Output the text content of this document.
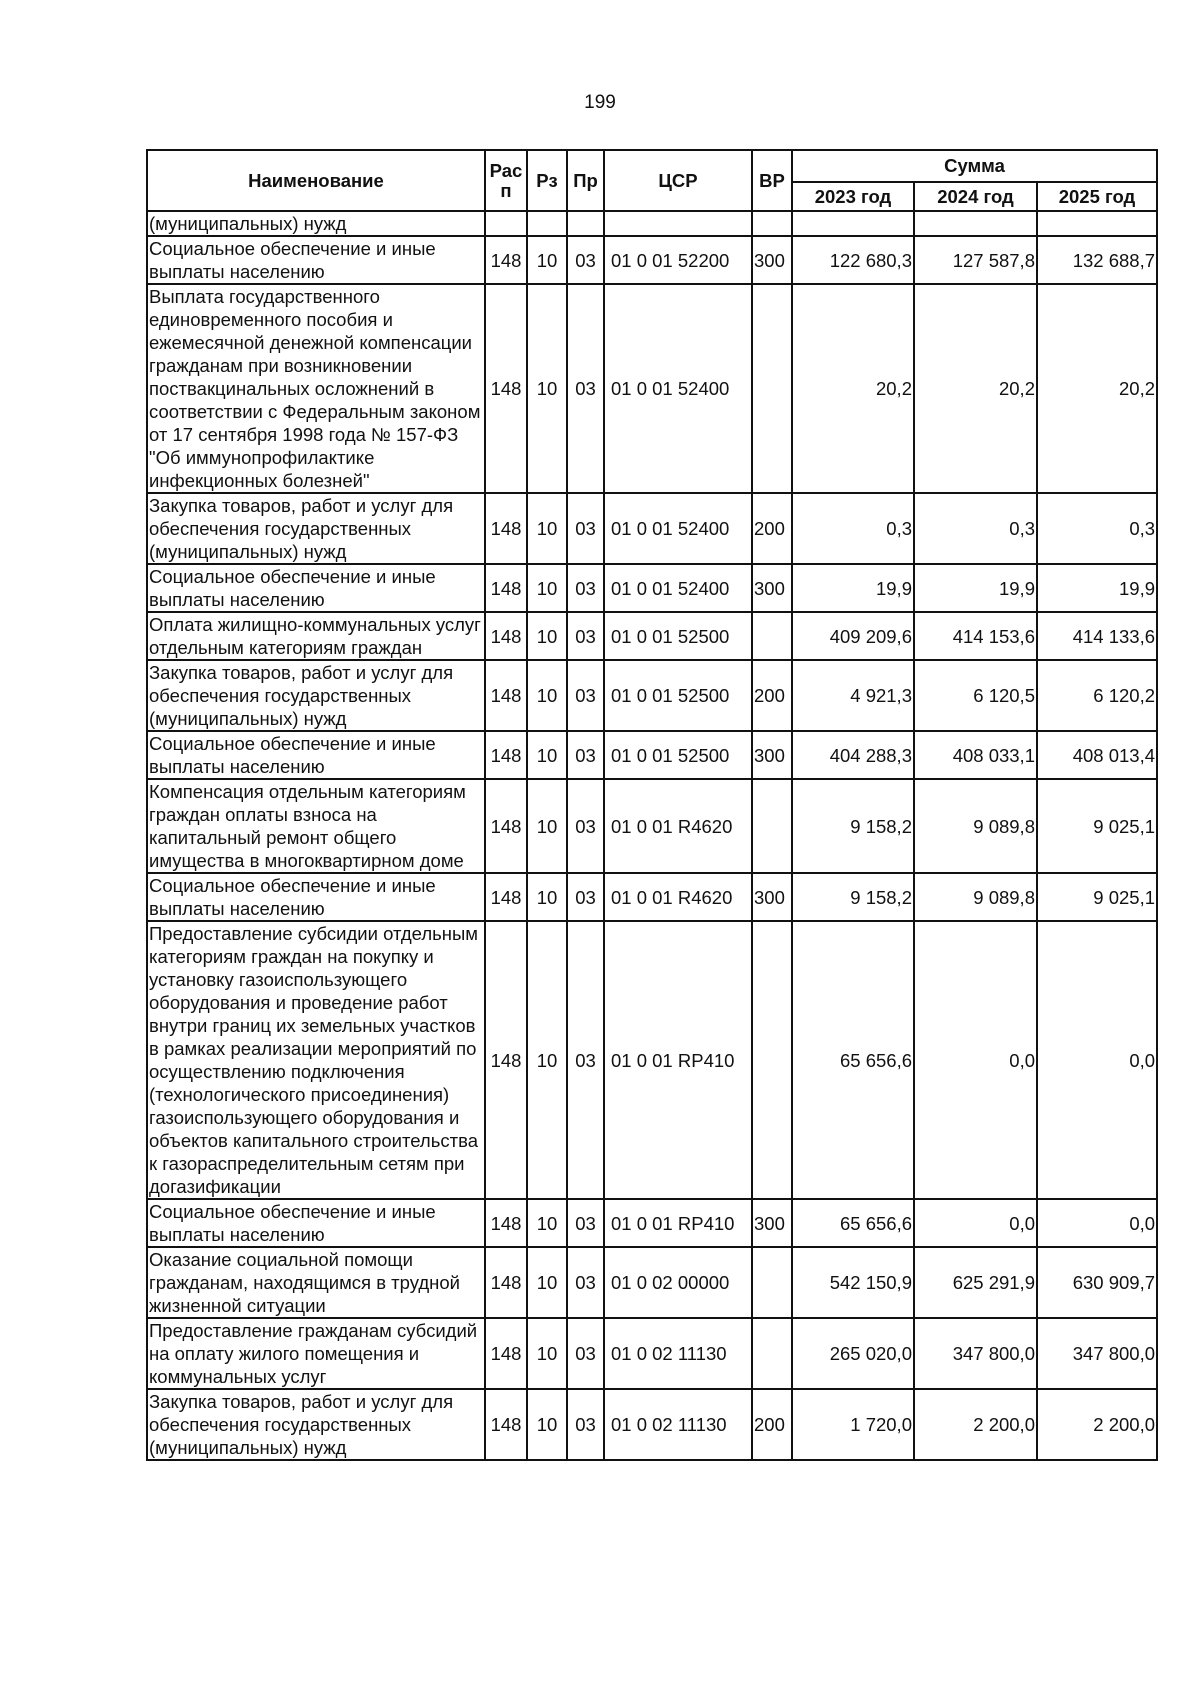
199
Наименование	Рас п	Рз	Пр	ЦСР	ВР	Сумма		
						2023 год	2024 год	2025 год
(муниципальных) нужд								
Социальное обеспечение и иные выплаты населению	148	10	03	01 0 01 52200	300	122 680,3	127 587,8	132 688,7
Выплата государственного единовременного пособия и ежемесячной денежной компенсации гражданам при возникновении поствакцинальных осложнений в соответствии с Федеральным законом от 17 сентября 1998 года № 157-ФЗ "Об иммунопрофилактике инфекционных болезней"	148	10	03	01 0 01 52400		20,2	20,2	20,2
Закупка товаров, работ и услуг для обеспечения государственных (муниципальных) нужд	148	10	03	01 0 01 52400	200	0,3	0,3	0,3
Социальное обеспечение и иные выплаты населению	148	10	03	01 0 01 52400	300	19,9	19,9	19,9
Оплата жилищно-коммунальных услуг отдельным категориям граждан	148	10	03	01 0 01 52500		409 209,6	414 153,6	414 133,6
Закупка товаров, работ и услуг для обеспечения государственных (муниципальных) нужд	148	10	03	01 0 01 52500	200	4 921,3	6 120,5	6 120,2
Социальное обеспечение и иные выплаты населению	148	10	03	01 0 01 52500	300	404 288,3	408 033,1	408 013,4
Компенсация отдельным категориям граждан оплаты взноса на капитальный ремонт общего имущества в многоквартирном доме	148	10	03	01 0 01 R4620		9 158,2	9 089,8	9 025,1
Социальное обеспечение и иные выплаты населению	148	10	03	01 0 01 R4620	300	9 158,2	9 089,8	9 025,1
Предоставление субсидии отдельным категориям граждан на покупку и установку газоиспользующего оборудования и проведение работ внутри границ их земельных участков в рамках реализации мероприятий по осуществлению подключения (технологического присоединения) газоиспользующего оборудования и объектов капитального строительства к газораспределительным сетям при догазификации	148	10	03	01 0 01 RP410		65 656,6	0,0	0,0
Социальное обеспечение и иные выплаты населению	148	10	03	01 0 01 RP410	300	65 656,6	0,0	0,0
Оказание социальной помощи гражданам, находящимся в трудной жизненной ситуации	148	10	03	01 0 02 00000		542 150,9	625 291,9	630 909,7
Предоставление гражданам субсидий на оплату жилого помещения и коммунальных услуг	148	10	03	01 0 02 11130		265 020,0	347 800,0	347 800,0
Закупка товаров, работ и услуг для обеспечения государственных (муниципальных) нужд	148	10	03	01 0 02 11130	200	1 720,0	2 200,0	2 200,0
